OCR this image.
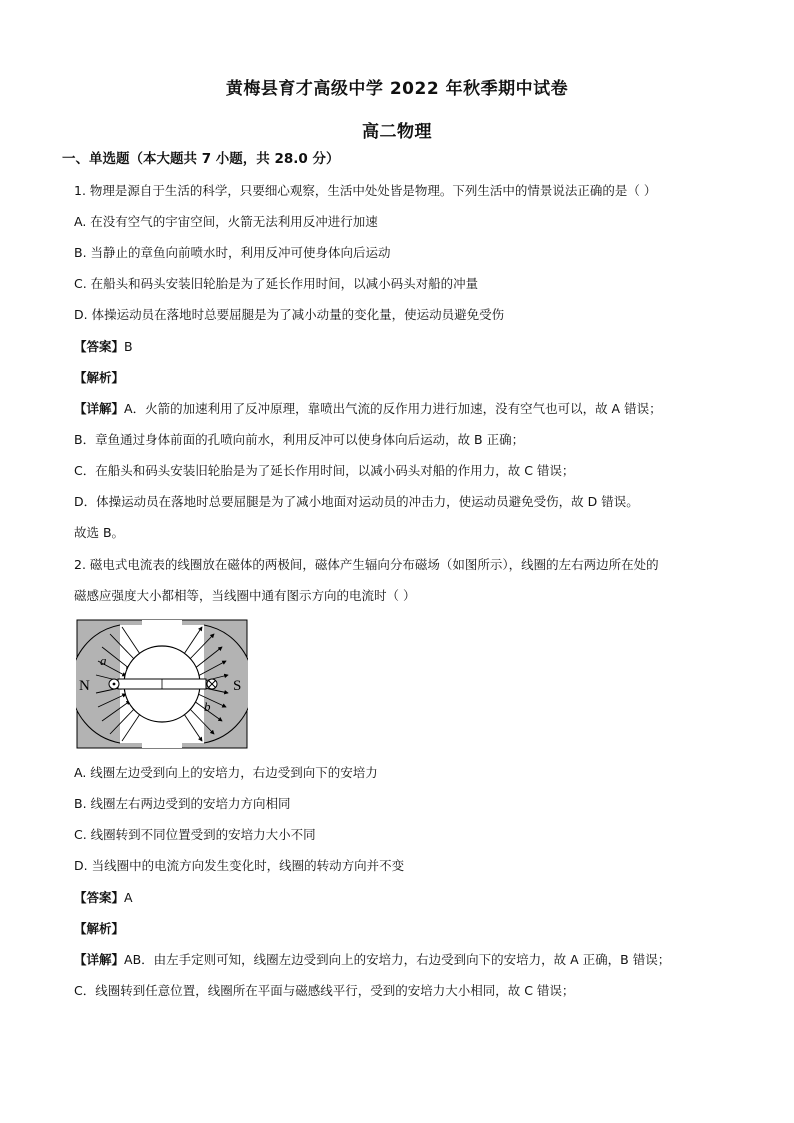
黄梅县育才高级中学 2022 年秋季期中试卷
高二物理
一、单选题（本大题共 7 小题，共 28.0 分）
1. 物理是源自于生活的科学，只要细心观察，生活中处处皆是物理。下列生活中的情景说法正确的是（ ）
A. 在没有空气的宇宙空间，火箭无法利用反冲进行加速
B. 当静止的章鱼向前喷水时，利用反冲可使身体向后运动
C. 在船头和码头安装旧轮胎是为了延长作用时间，以减小码头对船的冲量
D. 体操运动员在落地时总要屈腿是为了减小动量的变化量，使运动员避免受伤
【答案】B
【解析】
【详解】A．火箭的加速利用了反冲原理，靠喷出气流的反作用力进行加速，没有空气也可以，故 A 错误；
B．章鱼通过身体前面的孔喷向前水，利用反冲可以使身体向后运动，故 B 正确；
C．在船头和码头安装旧轮胎是为了延长作用时间，以减小码头对船的作用力，故 C 错误；
D．体操运动员在落地时总要屈腿是为了减小地面对运动员的冲击力，使运动员避免受伤，故 D 错误。
故选 B。
2. 磁电式电流表的线圈放在磁体的两极间，磁体产生辐向分布磁场（如图所示），线圈的左右两边所在处的
磁感应强度大小都相等，当线圈中通有图示方向的电流时（ ）
N	S
a
b
A. 线圈左边受到向上的安培力，右边受到向下的安培力
B. 线圈左右两边受到的安培力方向相同
C. 线圈转到不同位置受到的安培力大小不同
D. 当线圈中的电流方向发生变化时，线圈的转动方向并不变
【答案】A
【解析】
【详解】AB．由左手定则可知，线圈左边受到向上的安培力，右边受到向下的安培力，故 A 正确，B 错误；
C．线圈转到任意位置，线圈所在平面与磁感线平行，受到的安培力大小相同，故 C 错误；
